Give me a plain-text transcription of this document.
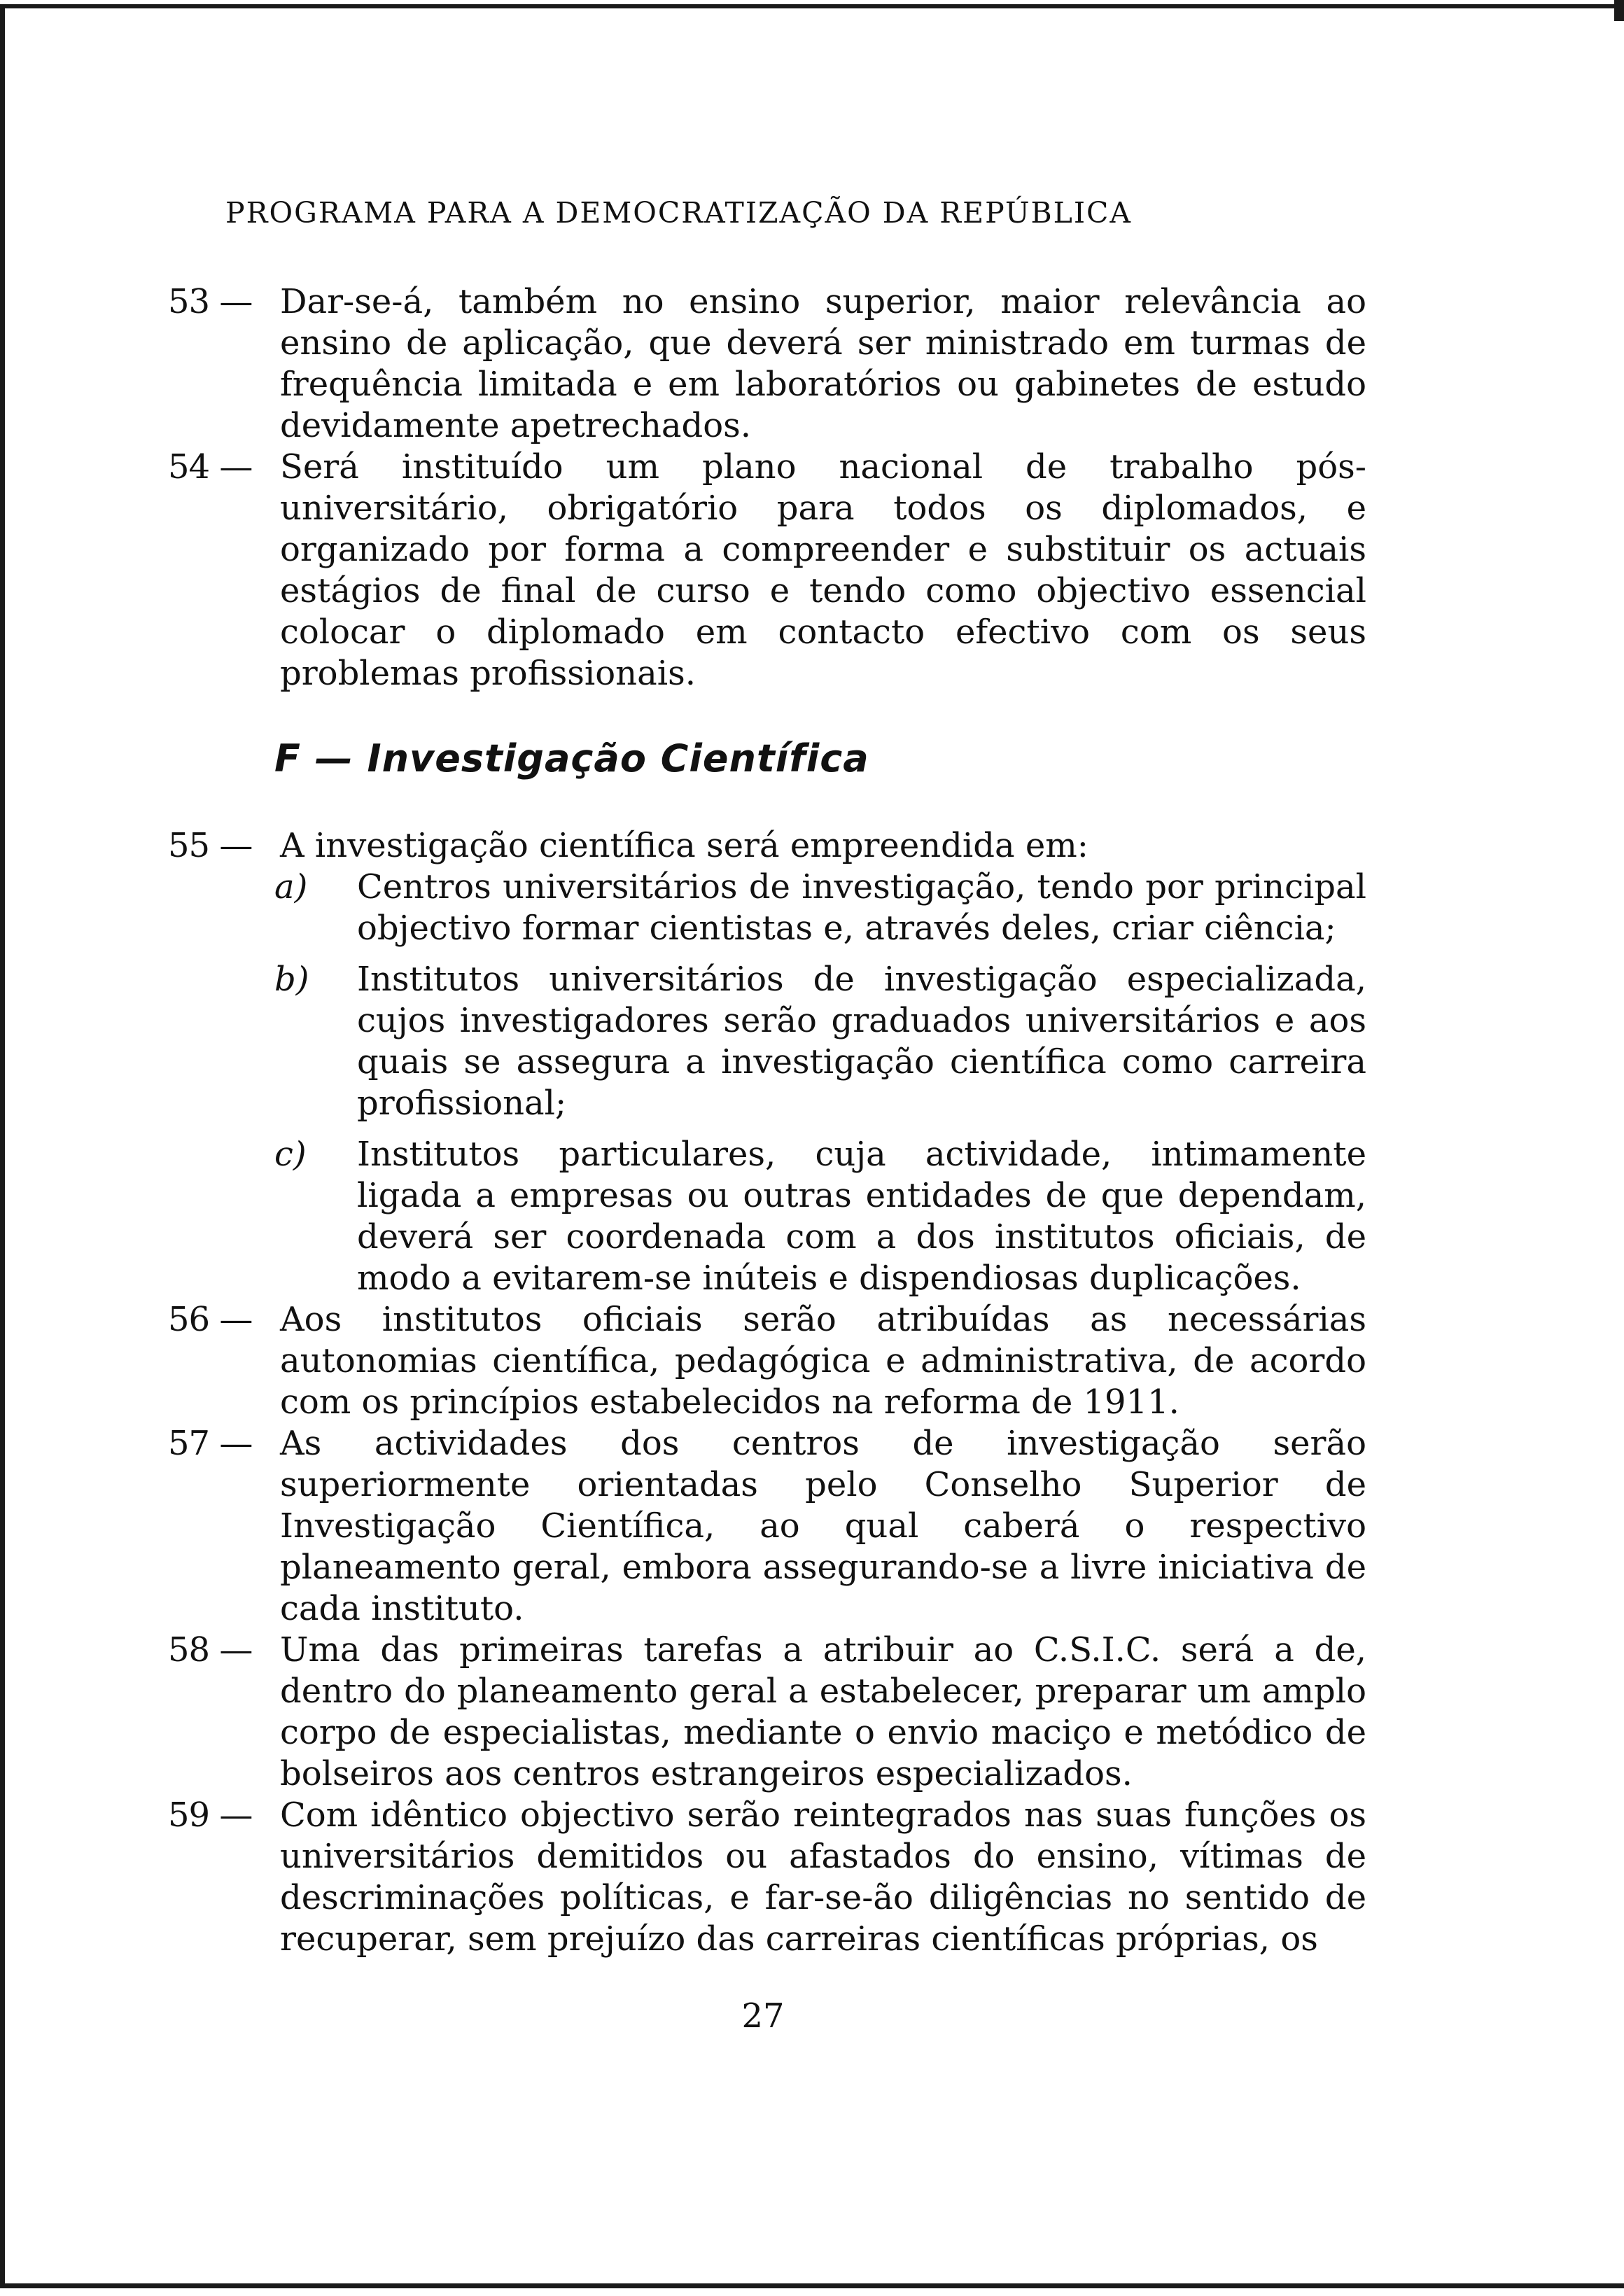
PROGRAMA PARA A DEMOCRATIZAÇÃO DA REPÚBLICA
53 — Dar-se-á, também no ensino superior, maior relevância ao ensino de aplicação, que deverá ser ministrado em turmas de frequência limitada e em laboratórios ou gabinetes de estudo devidamente apetrechados.
54 — Será instituído um plano nacional de trabalho pós-universitário, obrigatório para todos os diplomados, e organizado por forma a compreender e substituir os actuais estágios de final de curso e tendo como objectivo essencial colocar o diplomado em contacto efectivo com os seus problemas profissionais.
F — Investigação Científica
55 — A investigação científica será empreendida em:
a)	Centros universitários de investigação, tendo por principal objectivo formar cientistas e, através deles, criar ciência;
b)	Institutos universitários de investigação especializada, cujos investigadores serão graduados universitários e aos quais se assegura a investigação científica como carreira profissional;
c)	Institutos particulares, cuja actividade, intimamente ligada a empresas ou outras entidades de que dependam, deverá ser coordenada com a dos institutos oficiais, de modo a evitarem-se inúteis e dispendiosas duplicações.
56 — Aos institutos oficiais serão atribuídas as necessárias autonomias científica, pedagógica e administrativa, de acordo com os princípios estabelecidos na reforma de 1911.
57 — As actividades dos centros de investigação serão superiormente orientadas pelo Conselho Superior de Investigação Científica, ao qual caberá o respectivo planeamento geral, embora assegurando-se a livre iniciativa de cada instituto.
58 — Uma das primeiras tarefas a atribuir ao C.S.I.C. será a de, dentro do planeamento geral a estabelecer, preparar um amplo corpo de especialistas, mediante o envio maciço e metódico de bolseiros aos centros estrangeiros especializados.
59 — Com idêntico objectivo serão reintegrados nas suas funções os universitários demitidos ou afastados do ensino, vítimas de descriminações políticas, e far-se-ão diligências no sentido de recuperar, sem prejuízo das carreiras científicas próprias, os
27
